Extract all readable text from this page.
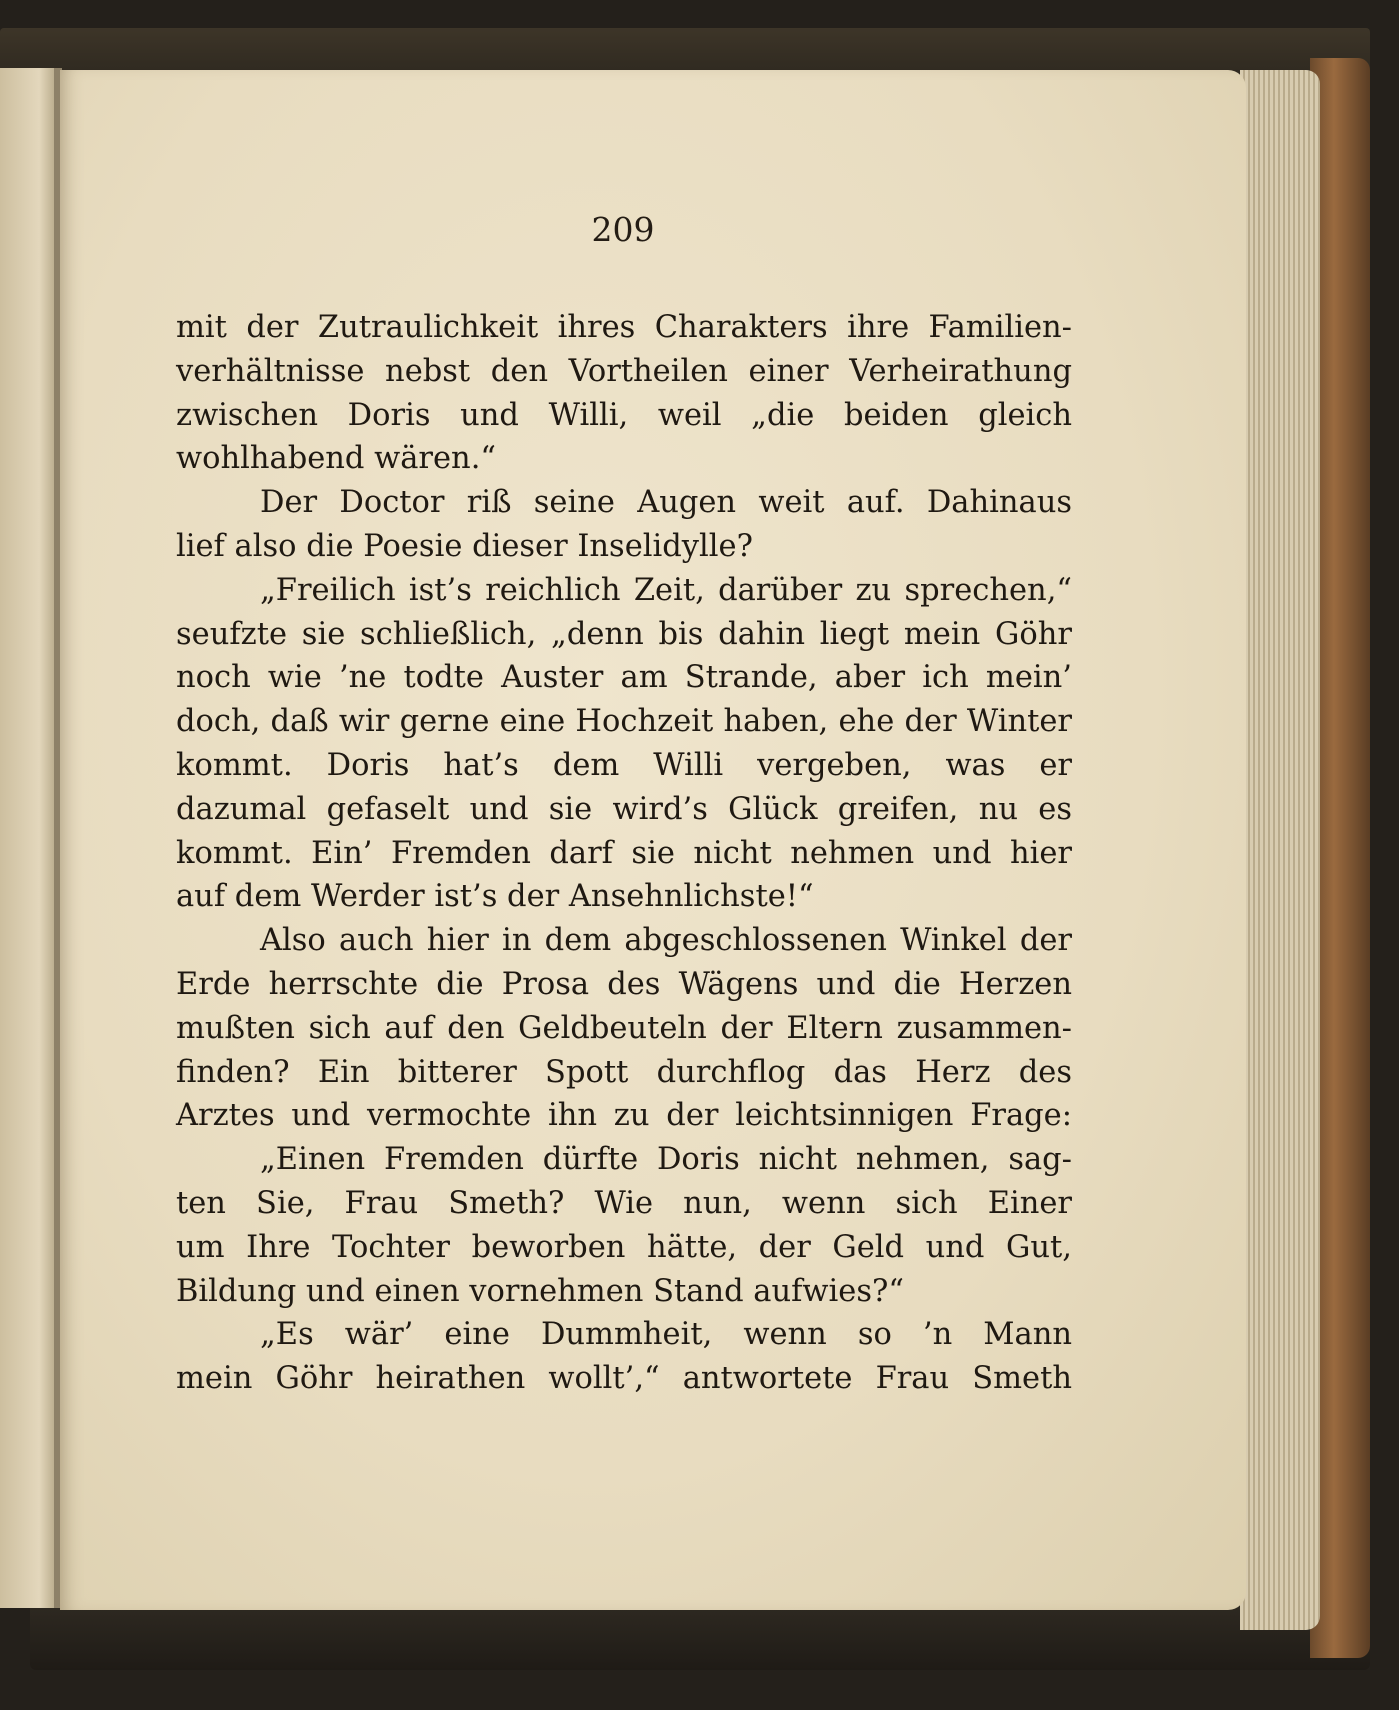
209
mit der Zutraulichkeit ihres Charakters ihre Familien-
verhältnisse nebst den Vortheilen einer Verheirathung
zwischen Doris und Willi, weil „die beiden gleich
wohlhabend wären.“
Der Doctor riß seine Augen weit auf. Dahinaus
lief also die Poesie dieser Inselidylle?
„Freilich ist’s reichlich Zeit, darüber zu sprechen,“
seufzte sie schließlich, „denn bis dahin liegt mein Göhr
noch wie ’ne todte Auster am Strande, aber ich mein’
doch, daß wir gerne eine Hochzeit haben, ehe der Winter
kommt. Doris hat’s dem Willi vergeben, was er
dazumal gefaselt und sie wird’s Glück greifen, nu es
kommt. Ein’ Fremden darf sie nicht nehmen und hier
auf dem Werder ist’s der Ansehnlichste!“
Also auch hier in dem abgeschlossenen Winkel der
Erde herrschte die Prosa des Wägens und die Herzen
mußten sich auf den Geldbeuteln der Eltern zusammen-
finden? Ein bitterer Spott durchflog das Herz des
Arztes und vermochte ihn zu der leichtsinnigen Frage:
„Einen Fremden dürfte Doris nicht nehmen, sag-
ten Sie, Frau Smeth? Wie nun, wenn sich Einer
um Ihre Tochter beworben hätte, der Geld und Gut,
Bildung und einen vornehmen Stand aufwies?“
„Es wär’ eine Dummheit, wenn so ’n Mann
mein Göhr heirathen wollt’,“ antwortete Frau Smeth
